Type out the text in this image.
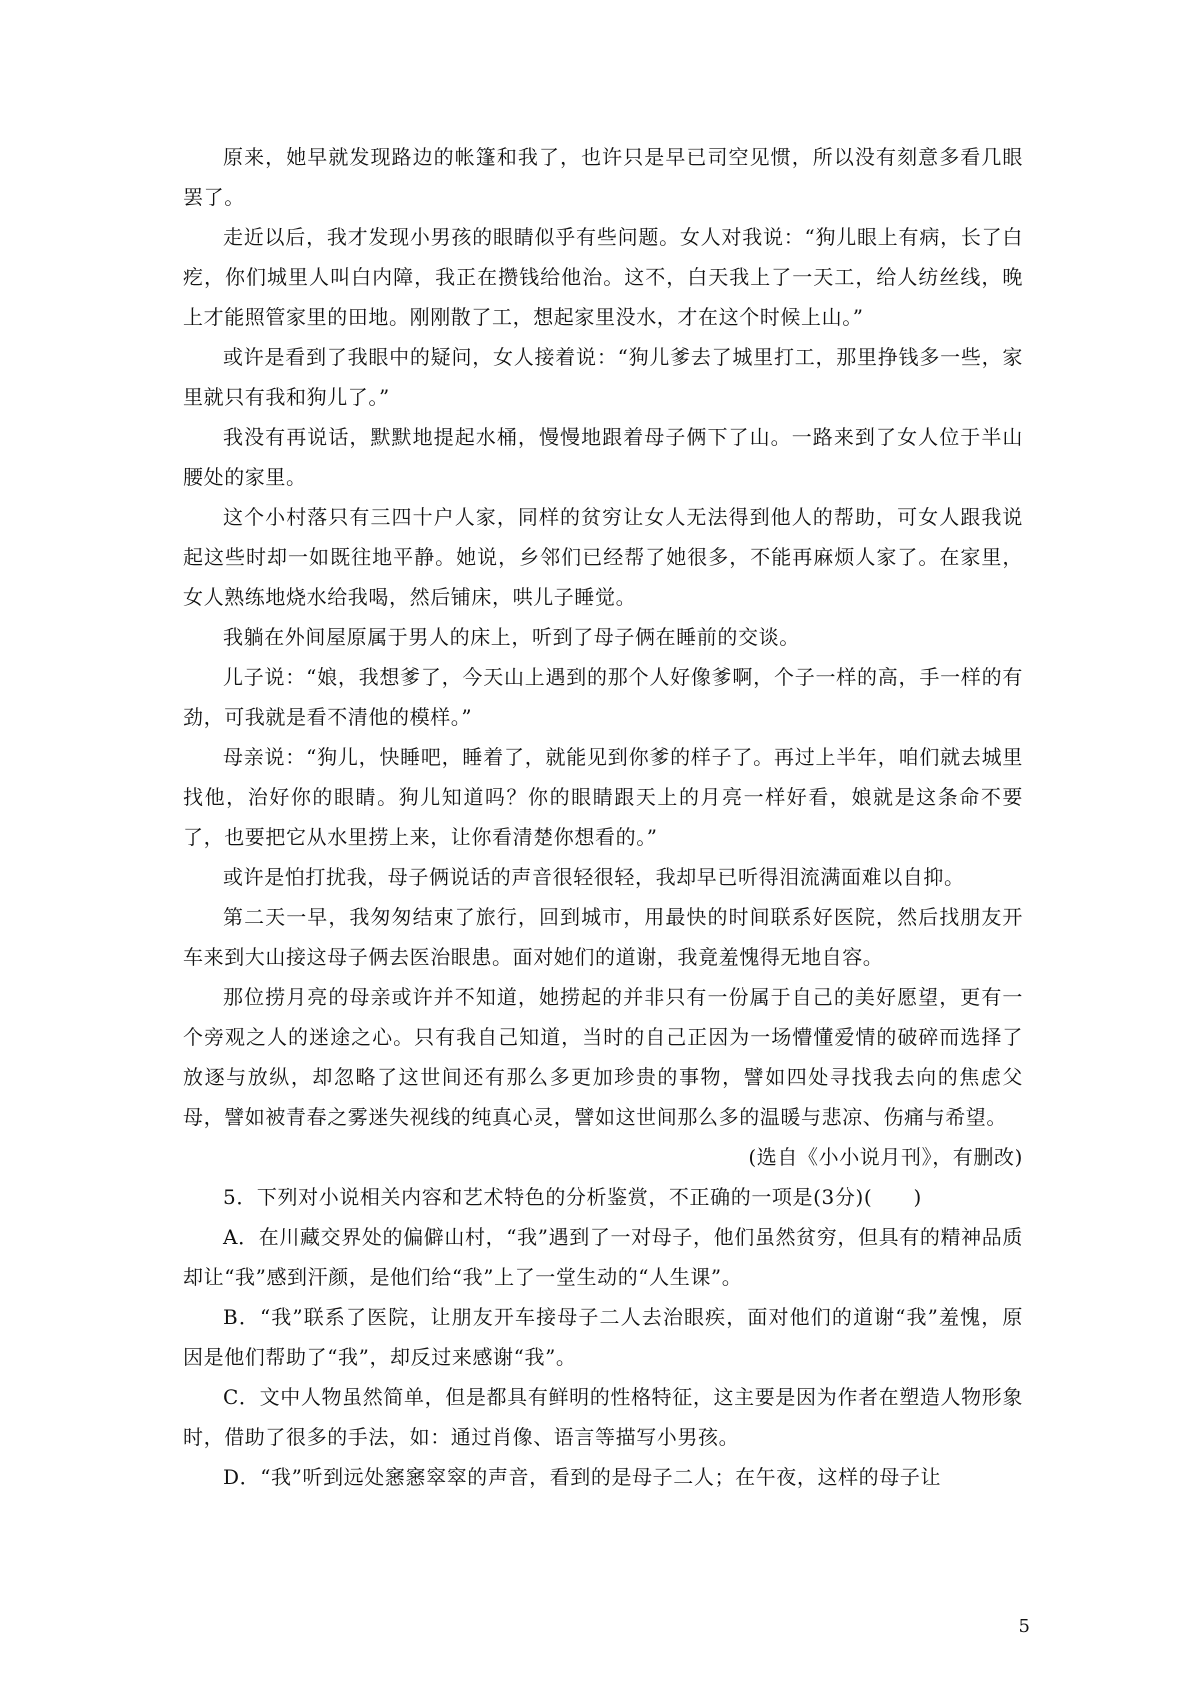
原来，她早就发现路边的帐篷和我了，也许只是早已司空见惯，所以没有刻意多看几眼罢了。

走近以后，我才发现小男孩的眼睛似乎有些问题。女人对我说：“狗儿眼上有病，长了白疙，你们城里人叫白内障，我正在攒钱给他治。这不，白天我上了一天工，给人纺丝线，晚上才能照管家里的田地。刚刚散了工，想起家里没水，才在这个时候上山。”

或许是看到了我眼中的疑问，女人接着说：“狗儿爹去了城里打工，那里挣钱多一些，家里就只有我和狗儿了。”

我没有再说话，默默地提起水桶，慢慢地跟着母子俩下了山。一路来到了女人位于半山腰处的家里。

这个小村落只有三四十户人家，同样的贫穷让女人无法得到他人的帮助，可女人跟我说起这些时却一如既往地平静。她说，乡邻们已经帮了她很多，不能再麻烦人家了。在家里，女人熟练地烧水给我喝，然后铺床，哄儿子睡觉。

我躺在外间屋原属于男人的床上，听到了母子俩在睡前的交谈。

儿子说：“娘，我想爹了，今天山上遇到的那个人好像爹啊，个子一样的高，手一样的有劲，可我就是看不清他的模样。”

母亲说：“狗儿，快睡吧，睡着了，就能见到你爹的样子了。再过上半年，咱们就去城里找他，治好你的眼睛。狗儿知道吗？你的眼睛跟天上的月亮一样好看，娘就是这条命不要了，也要把它从水里捞上来，让你看清楚你想看的。”

或许是怕打扰我，母子俩说话的声音很轻很轻，我却早已听得泪流满面难以自抑。

第二天一早，我匆匆结束了旅行，回到城市，用最快的时间联系好医院，然后找朋友开车来到大山接这母子俩去医治眼患。面对她们的道谢，我竟羞愧得无地自容。

那位捞月亮的母亲或许并不知道，她捞起的并非只有一份属于自己的美好愿望，更有一个旁观之人的迷途之心。只有我自己知道，当时的自己正因为一场懵懂爱情的破碎而选择了放逐与放纵，却忽略了这世间还有那么多更加珍贵的事物，譬如四处寻找我去向的焦虑父母，譬如被青春之雾迷失视线的纯真心灵，譬如这世间那么多的温暖与悲凉、伤痛与希望。

(选自《小小说月刊》，有删改)

5．下列对小说相关内容和艺术特色的分析鉴赏，不正确的一项是(3分)(　　)

A．在川藏交界处的偏僻山村，“我”遇到了一对母子，他们虽然贫穷，但具有的精神品质却让“我”感到汗颜，是他们给“我”上了一堂生动的“人生课”。

B．“我”联系了医院，让朋友开车接母子二人去治眼疾，面对他们的道谢“我”羞愧，原因是他们帮助了“我”，却反过来感谢“我”。

C．文中人物虽然简单，但是都具有鲜明的性格特征，这主要是因为作者在塑造人物形象时，借助了很多的手法，如：通过肖像、语言等描写小男孩。

D．“我”听到远处窸窸窣窣的声音，看到的是母子二人；在午夜，这样的母子让

5
